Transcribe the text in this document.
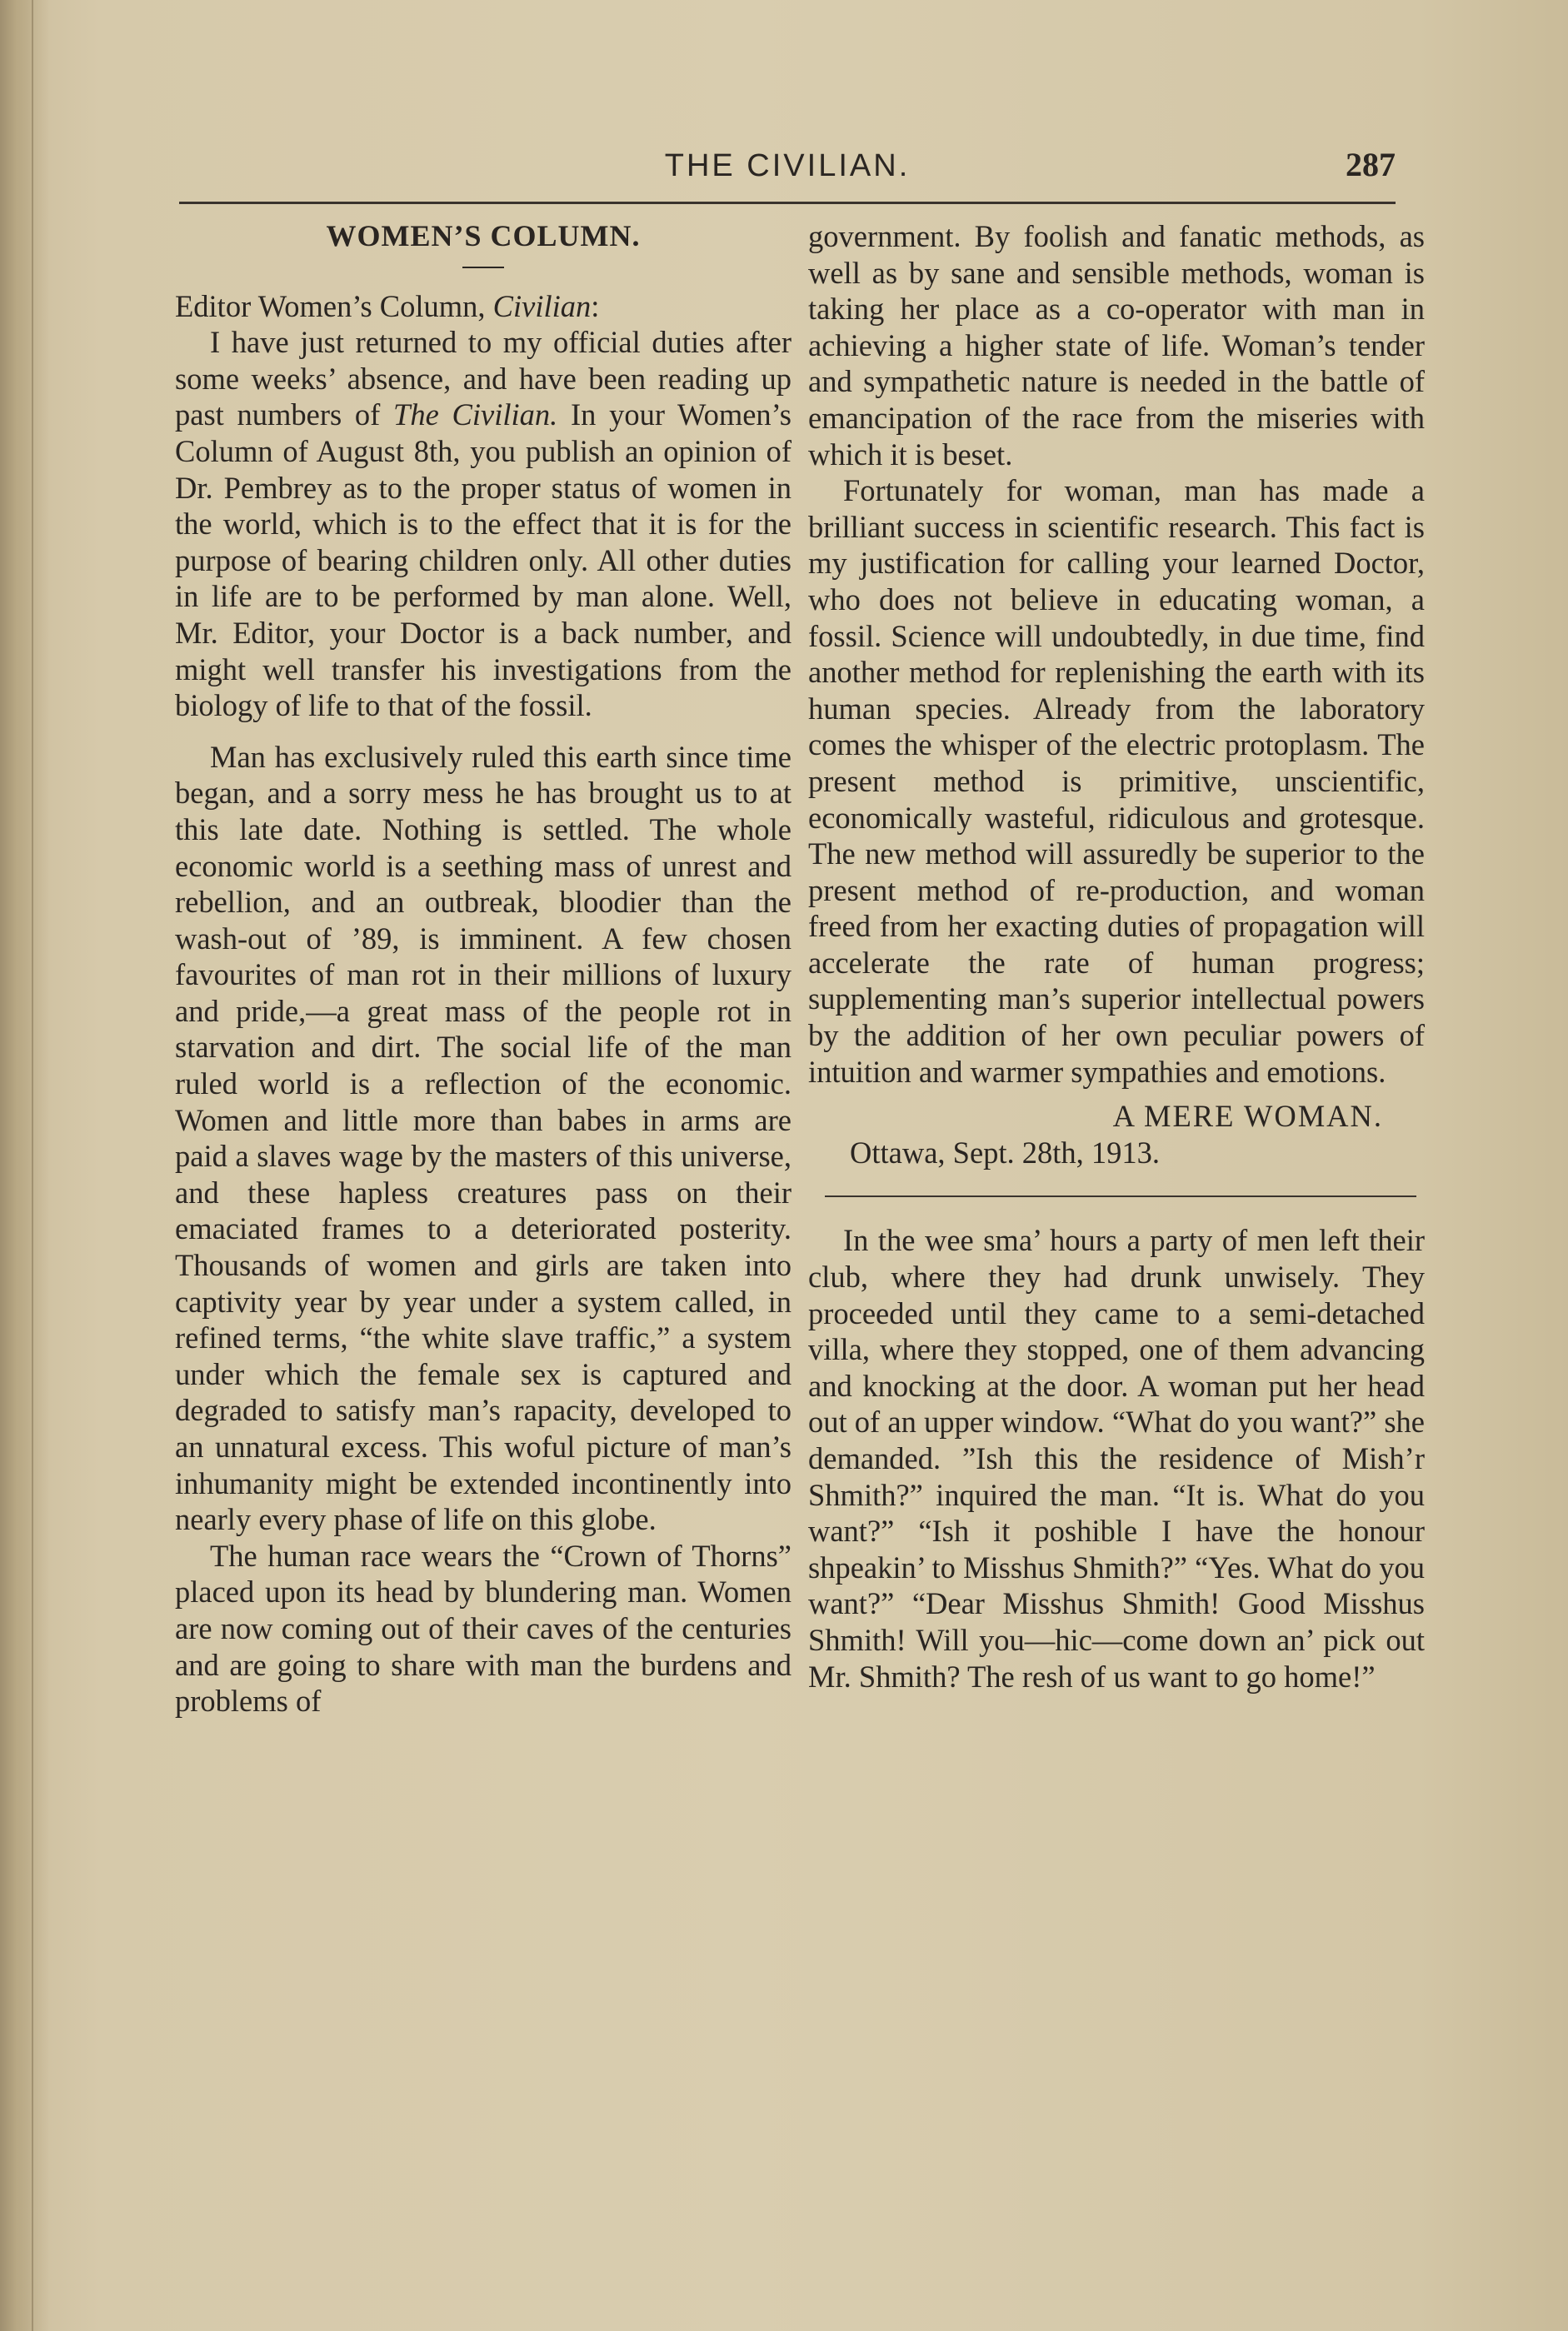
THE CIVILIAN.	287

WOMEN’S COLUMN.

Editor Women’s Column, Civilian:

I have just returned to my official duties after some weeks’ absence, and have been reading up past numbers of The Civilian. In your Women’s Column of August 8th, you publish an opinion of Dr. Pembrey as to the proper status of women in the world, which is to the effect that it is for the purpose of bearing children only. All other duties in life are to be performed by man alone. Well, Mr. Editor, your Doctor is a back number, and might well transfer his investigations from the biology of life to that of the fossil.

Man has exclusively ruled this earth since time began, and a sorry mess he has brought us to at this late date. Nothing is settled. The whole economic world is a seething mass of unrest and rebellion, and an outbreak, bloodier than the wash-out of ’89, is imminent. A few chosen favourites of man rot in their millions of luxury and pride,—a great mass of the people rot in starvation and dirt. The social life of the man ruled world is a reflection of the economic. Women and little more than babes in arms are paid a slaves wage by the masters of this universe, and these hapless creatures pass on their emaciated frames to a deteriorated posterity. Thousands of women and girls are taken into captivity year by year under a system called, in refined terms, “the white slave traffic,” a system under which the female sex is captured and degraded to satisfy man’s rapacity, developed to an unnatural excess. This woful picture of man’s inhumanity might be extended incontinently into nearly every phase of life on this globe.

The human race wears the “Crown of Thorns” placed upon its head by blundering man. Women are now coming out of their caves of the centuries and are going to share with man the burdens and problems of

government. By foolish and fanatic methods, as well as by sane and sensible methods, woman is taking her place as a co-operator with man in achieving a higher state of life. Woman’s tender and sympathetic nature is needed in the battle of emancipation of the race from the miseries with which it is beset.

Fortunately for woman, man has made a brilliant success in scientific research. This fact is my justification for calling your learned Doctor, who does not believe in educating woman, a fossil. Science will undoubtedly, in due time, find another method for replenishing the earth with its human species. Already from the laboratory comes the whisper of the electric protoplasm. The present method is primitive, unscientific, economically wasteful, ridiculous and grotesque. The new method will assuredly be superior to the present method of re-production, and woman freed from her exacting duties of propagation will accelerate the rate of human progress; supplementing man’s superior intellectual powers by the addition of her own peculiar powers of intuition and warmer sympathies and emotions.

A MERE WOMAN.

Ottawa, Sept. 28th, 1913.

In the wee sma’ hours a party of men left their club, where they had drunk unwisely. They proceeded until they came to a semi-detached villa, where they stopped, one of them advancing and knocking at the door. A woman put her head out of an upper window. “What do you want?” she demanded. ”Ish this the residence of Mish’r Shmith?” inquired the man. “It is. What do you want?” “Ish it poshible I have the honour shpeakin’ to Misshus Shmith?” “Yes. What do you want?” “Dear Misshus Shmith! Good Misshus Shmith! Will you—hic—come down an’ pick out Mr. Shmith? The resh of us want to go home!”
